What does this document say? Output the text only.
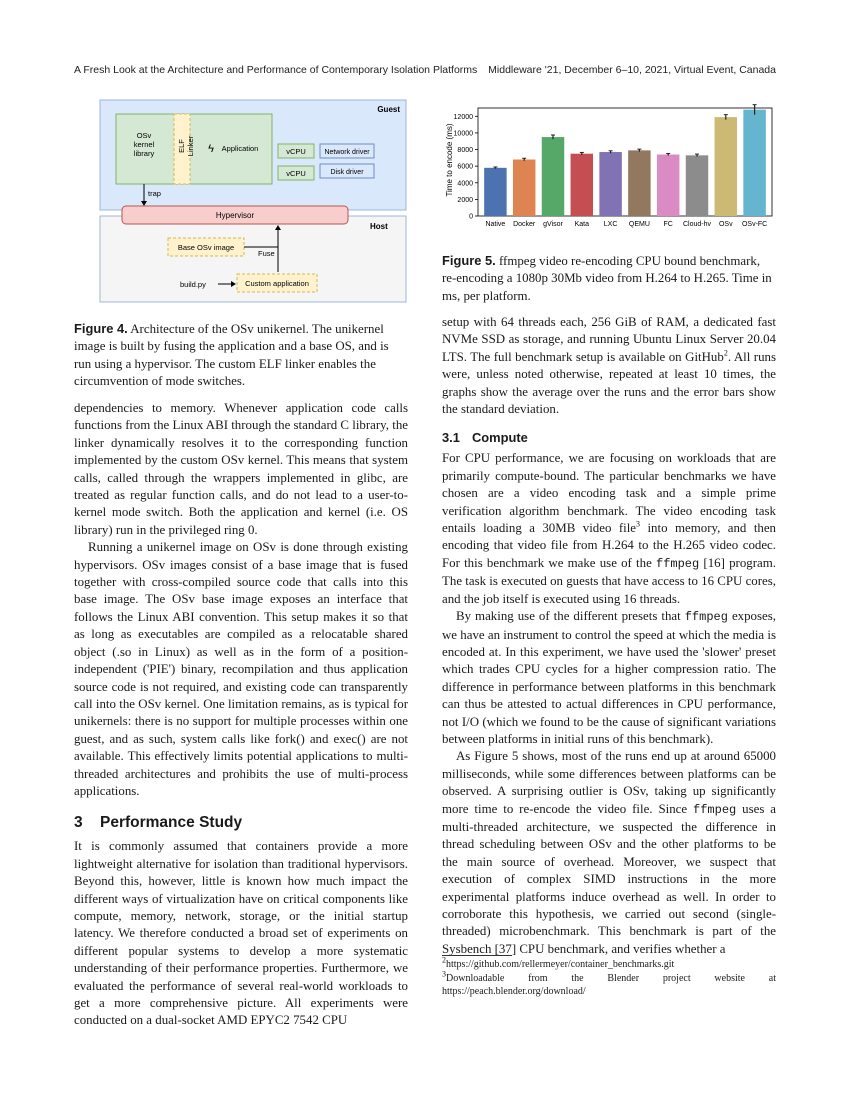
A Fresh Look at the Architecture and Performance of Contemporary Isolation Platforms Middleware '21, December 6–10, 2021, Virtual Event, Canada
Guest
Host
OSv
kernel
library
ELF Linker ϟ Application	vCPU
vCPU
Network driver
Disk driver
trap
Hypervisor
Base OSv image
Fuse
build.py	Custom application

Figure 4. Architecture of the OSv unikernel. The unikernel image is built by fusing the application and a base OS, and is run using a hypervisor. The custom ELF linker enables the circumvention of mode switches.

dependencies to memory. Whenever application code calls functions from the Linux ABI through the standard C library, the linker dynamically resolves it to the corresponding function implemented by the custom OSv kernel. This means that system calls, called through the wrappers implemented in glibc, are treated as regular function calls, and do not lead to a user-to-kernel mode switch. Both the application and kernel (i.e. OS library) run in the privileged ring 0.

Running a unikernel image on OSv is done through existing hypervisors. OSv images consist of a base image that is fused together with cross-compiled source code that calls into this base image. The OSv base image exposes an interface that follows the Linux ABI convention. This setup makes it so that as long as executables are compiled as a relocatable shared object (.so in Linux) as well as in the form of a position-independent ('PIE') binary, recompilation and thus application source code is not required, and existing code can transparently call into the OSv kernel. One limitation remains, as is typical for unikernels: there is no support for multiple processes within one guest, and as such, system calls like fork() and exec() are not available. This effectively limits potential applications to multi-threaded architectures and prohibits the use of multi-process applications.

3 Performance Study

It is commonly assumed that containers provide a more lightweight alternative for isolation than traditional hypervisors. Beyond this, however, little is known how much impact the different ways of virtualization have on critical components like compute, memory, network, storage, or the initial startup latency. We therefore conducted a broad set of experiments on different popular systems to develop a more systematic understanding of their performance properties. Furthermore, we evaluated the performance of several real-world workloads to get a more comprehensive picture. All experiments were conducted on a dual-socket AMD EPYC2 7542 CPU

Time to encode (ms)
0
2000
4000
6000
8000
10000
12000
Native Docker gVisor Kata LXC QEMU FC Cloud-hv OSv OSv-FC

Figure 5. ffmpeg video re-encoding CPU bound benchmark, re-encoding a 1080p 30Mb video from H.264 to H.265. Time in ms, per platform.

setup with 64 threads each, 256 GiB of RAM, a dedicated fast NVMe SSD as storage, and running Ubuntu Linux Server 20.04 LTS. The full benchmark setup is available on GitHub$^2$. All runs were, unless noted otherwise, repeated at least 10 times, the graphs show the average over the runs and the error bars show the standard deviation.

3.1 Compute

For CPU performance, we are focusing on workloads that are primarily compute-bound. The particular benchmarks we have chosen are a video encoding task and a simple prime verification algorithm benchmark. The video encoding task entails loading a 30MB video file$^3$ into memory, and then encoding that video file from H.264 to the H.265 video codec. For this benchmark we make use of the ffmpeg [16] program. The task is executed on guests that have access to 16 CPU cores, and the job itself is executed using 16 threads.

By making use of the different presets that ffmpeg exposes, we have an instrument to control the speed at which the media is encoded at. In this experiment, we have used the 'slower' preset which trades CPU cycles for a higher compression ratio. The difference in performance between platforms in this benchmark can thus be attested to actual differences in CPU performance, not I/O (which we found to be the cause of significant variations between platforms in initial runs of this benchmark).

As Figure 5 shows, most of the runs end up at around 65000 milliseconds, while some differences between platforms can be observed. A surprising outlier is OSv, taking up significantly more time to re-encode the video file. Since ffmpeg uses a multi-threaded architecture, we suspected the difference in thread scheduling between OSv and the other platforms to be the main source of overhead. Moreover, we suspect that execution of complex SIMD instructions in the more experimental platforms induce overhead as well. In order to corroborate this hypothesis, we carried out second (single-threaded) microbenchmark. This benchmark is part of the Sysbench [37] CPU benchmark, and verifies whether a

$^2$https://github.com/rellermeyer/container_benchmarks.git

$^3$Downloadable from the Blender project website at https://peach.blender.org/download/
